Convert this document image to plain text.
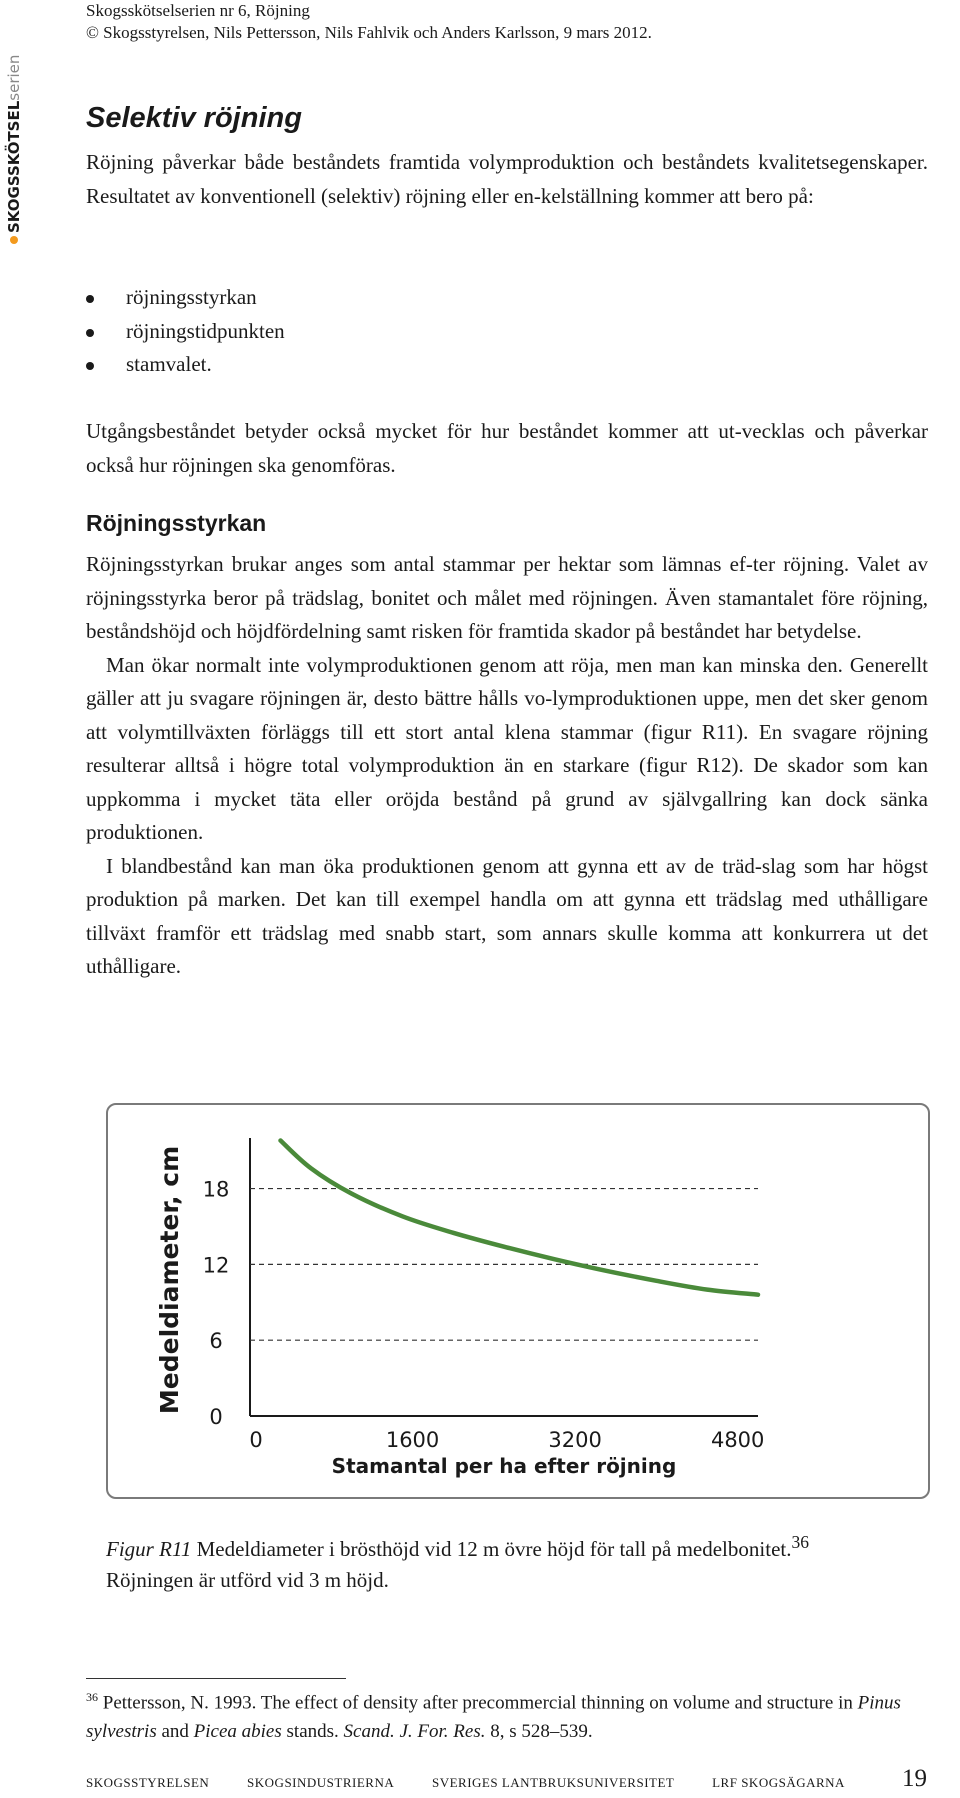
Skogsskötselserien nr 6, Röjning
© Skogsstyrelsen, Nils Pettersson, Nils Fahlvik och Anders Karlsson, 9 mars 2012.
SKOGSSKÖTSELserien
Selektiv röjning

Röjning påverkar både beståndets framtida volymproduktion och beståndets kvalitetsegenskaper. Resultatet av konventionell (selektiv) röjning eller en-kelställning kommer att bero på:

röjningsstyrkan
röjningstidpunkten
stamvalet.

Utgångsbeståndet betyder också mycket för hur beståndet kommer att ut-vecklas och påverkar också hur röjningen ska genomföras.

Röjningsstyrkan

Röjningsstyrkan brukar anges som antal stammar per hektar som lämnas ef-ter röjning. Valet av röjningsstyrka beror på trädslag, bonitet och målet med röjningen. Även stamantalet före röjning, beståndshöjd och höjdfördelning samt risken för framtida skador på beståndet har betydelse.

Man ökar normalt inte volymproduktionen genom att röja, men man kan minska den. Generellt gäller att ju svagare röjningen är, desto bättre hålls vo-lymproduktionen uppe, men det sker genom att volymtillväxten förläggs till ett stort antal klena stammar (figur R11). En svagare röjning resulterar alltså i högre total volymproduktion än en starkare (figur R12). De skador som kan uppkomma i mycket täta eller oröjda bestånd på grund av självgallring kan dock sänka produktionen.

I blandbestånd kan man öka produktionen genom att gynna ett av de träd-slag som har högst produktion på marken. Det kan till exempel handla om att gynna ett trädslag med uthålligare tillväxt framför ett trädslag med snabb start, som annars skulle komma att konkurrera ut det uthålligare.

0
6
12
18
0	1600	3200	4800
Medeldiameter, cm
Stamantal per ha efter röjning
Figur R11 Medeldiameter i brösthöjd vid 12 m övre höjd för tall på medelbonitet.$^{36}$ Röjningen är utförd vid 3 m höjd.
$^{36}$ Pettersson, N. 1993. The effect of density after precommercial thinning on volume and structure in Pinus sylvestris and Picea abies stands. Scand. J. For. Res. 8, s 528–539.
SKOGSSTYRELSEN	SKOGSINDUSTRIERNA	SVERIGES LANTBRUKSUNIVERSITET	LRF SKOGSÄGARNA	19
